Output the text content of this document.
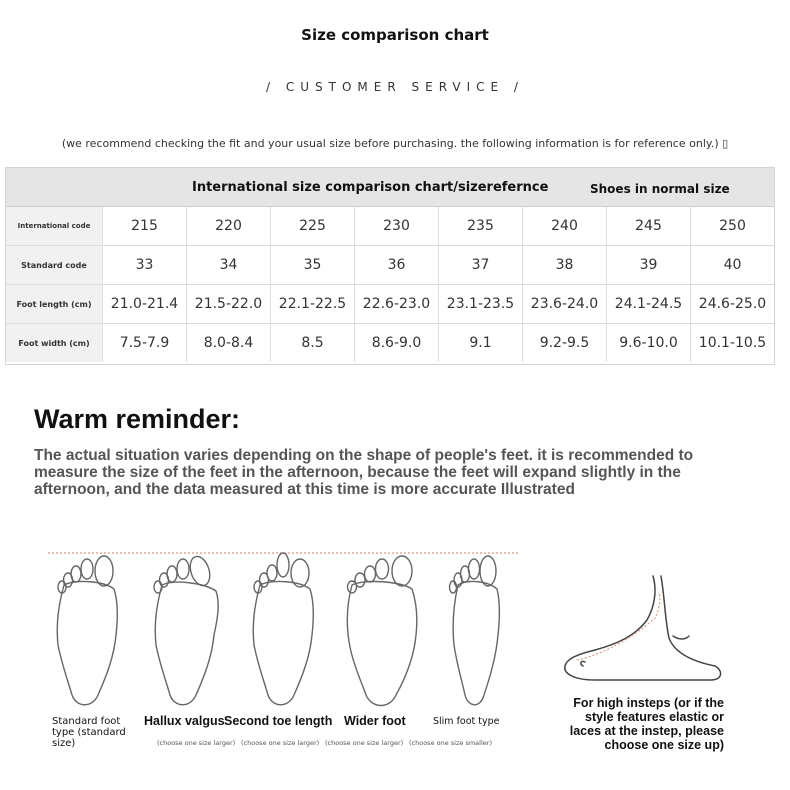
Size comparison chart
/ CUSTOMER SERVICE /
(we recommend checking the fit and your usual size before purchasing. the following information is for reference only.) ▯
International size comparison chart/sizerefernce	Shoes in normal size
International code	215	220	225	230	235	240	245	250
Standard code	33	34	35	36	37	38	39	40
Foot length (cm)	21.0-21.4	21.5-22.0	22.1-22.5	22.6-23.0	23.1-23.5	23.6-24.0	24.1-24.5	24.6-25.0
Foot width (cm)	7.5-7.9	8.0-8.4	8.5	8.6-9.0	9.1	9.2-9.5	9.6-10.0	10.1-10.5
Warm reminder:
The actual situation varies depending on the shape of people's feet. it is recommended to measure the size of the feet in the afternoon, because the feet will expand slightly in the afternoon, and the data measured at this time is more accurate Illustrated
Standard foot type (standard size)
Hallux valgus Second toe length Wider foot	Slim foot type
(choose one size larger) (choose one size larger) (choose one size larger) (choose one size smaller)
For high insteps (or if the style features elastic or laces at the instep, please choose one size up)
